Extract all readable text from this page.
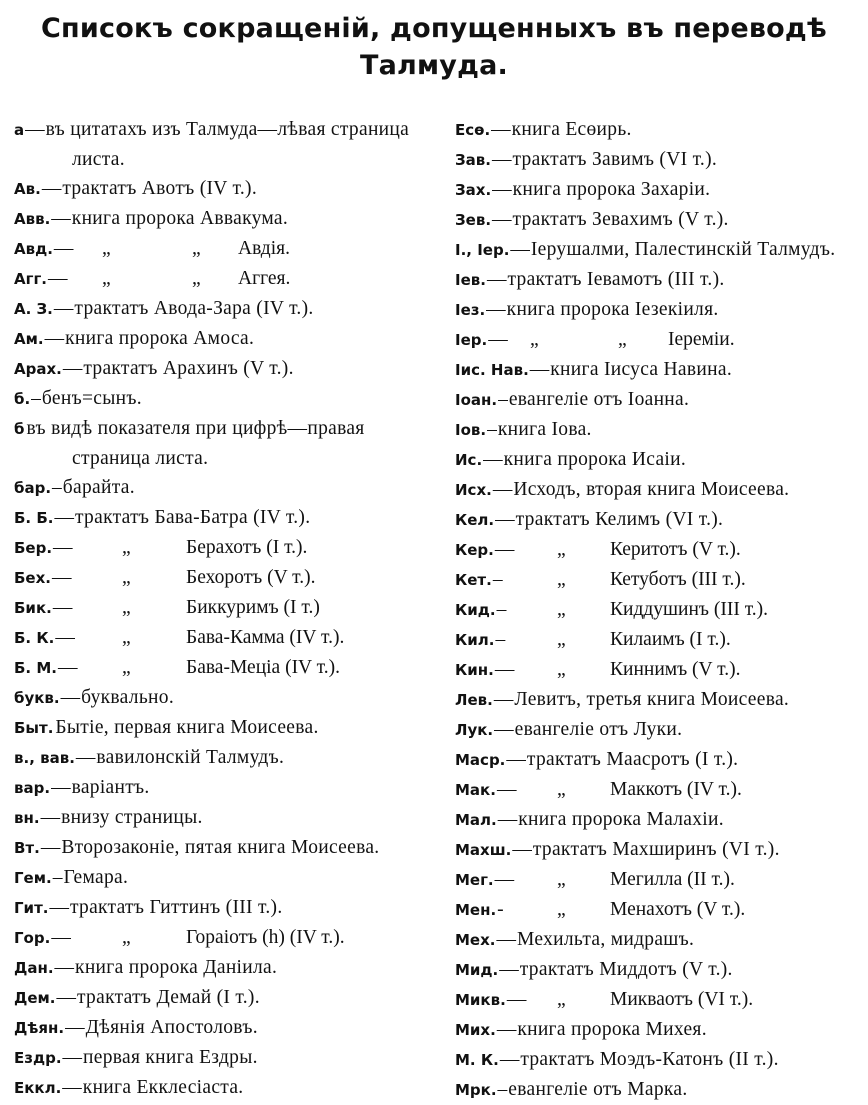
Списокъ сокращеній, допущенныхъ въ переводѣ
Талмуда.
а—въ цитатахъ изъ Талмуда—лѣвая страница листа.
Ав.—трактатъ Авотъ (IV т.).
Авв.—книга пророка Аввакума.
Авд.— „	„ Авдія.
Агг.— „	„ Аггея.
А. З.—трактатъ Авода-Зара (IV т.).
Ам.—книга пророка Амоса.
Арах.—трактатъ Арахинъ (V т.).
б.–бенъ=сынъ.
б въ видѣ показателя при цифрѣ—правая страница листа.
бар.–барайта.
Б. Б.—трактатъ Бава-Батра (IV т.).
Бер.—	„	Берахотъ (I т.).
Бех.—	„	Бехоротъ (V т.).
Бик.—	„	Биккуримъ (I т.)
Б. К.— „	Бава-Камма (IV т.).
Б. М.— „	Бава-Меціа (IV т.).
букв.—буквально.
Быт. Бытіе, первая книга Моисеева.
в., вав.—вавилонскій Талмудъ.
вар.—варіантъ.
вн.—внизу страницы.
Вт.—Второзаконіе, пятая книга Моисеева.
Гем.–Гемара.
Гит.—трактатъ Гиттинъ (III т.).
Гор.—	„	Гораіотъ (h) (IV т.).
Дан.—книга пророка Даніила.
Дем.—трактатъ Демай (I т.).
Дѣян.—Дѣянія Апостоловъ.
Ездр.—первая книга Ездры.
Еккл.—книга Екклесіаста.
Есө.—книга Есөирь.
Зав.—трактатъ Завимъ (VI т.).
Зах.—книга пророка Захаріи.
Зев.—трактатъ Зевахимъ (V т.).
I., Іер.—Іерушалми, Палестинскій Талмудъ.
Іев.—трактатъ Іевамотъ (III т.).
Іез.—книга пророка Іезекіиля.
Іер.— „	„ Іереміи.
Іис. Нав.—книга Іисуса Навина.
Іоан.–евангеліе отъ Іоанна.
Іов.–книга Іова.
Ис.—книга пророка Исаіи.
Исх.—Исходъ, вторая книга Моисеева.
Кел.—трактатъ Келимъ (VI т.).
Кер.— „ Керитотъ (V т.).
Кет.–	„ Кетуботъ (III т.).
Кид.–	„ Киддушинъ (III т.).
Кил.–	„ Килаимъ (I т.).
Кин.— „ Киннимъ (V т.).
Лев.—Левитъ, третья книга Моисеева.
Лук.—евангеліе отъ Луки.
Маср.—трактатъ Маасротъ (I т.).
Мак.— „ Маккотъ (IV т.).
Мал.—книга пророка Малахіи.
Махш.—трактатъ Махширинъ (VI т.).
Мег.— „ Мегилла (II т.).
Мен.-	„ Менахотъ (V т.).
Мех.—Мехильта, мидрашъ.
Мид.—трактатъ Миддотъ (V т.).
Микв.— „ Микваотъ (VI т.).
Мих.—книга пророка Михея.
М. К.—трактатъ Моэдъ-Катонъ (II т.).
Мрк.–евангеліе отъ Марка.
